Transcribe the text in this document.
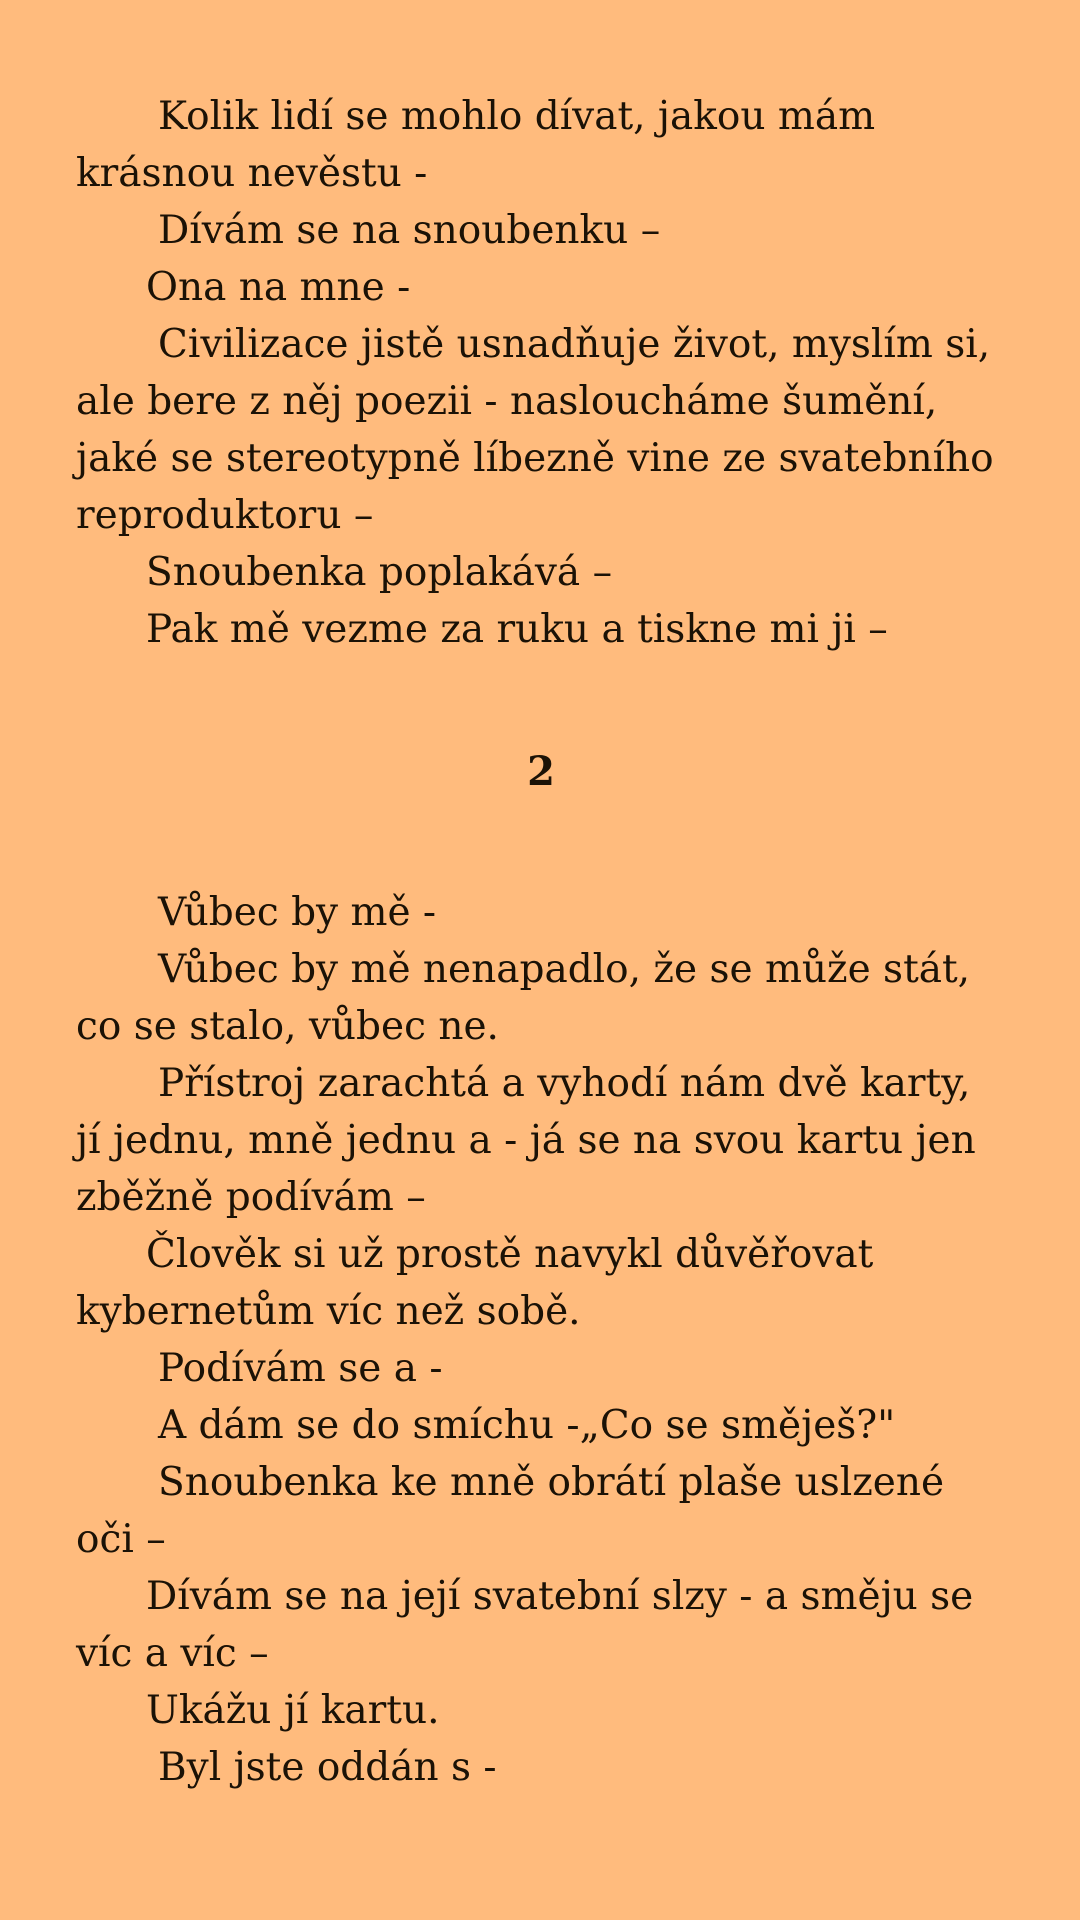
Kolik lidí se mohlo dívat, jakou mám krásnou nevěstu -

Dívám se na snoubenku –

Ona na mne -

Civilizace jistě usnadňuje život, myslím si, ale bere z něj poezii - nasloucháme šumění, jaké se stereotypně líbezně vine ze svatebního reproduktoru –

Snoubenka poplakává –

Pak mě vezme za ruku a tiskne mi ji –

2

Vůbec by mě -

Vůbec by mě nenapadlo, že se může stát, co se stalo, vůbec ne.

Přístroj zarachtá a vyhodí nám dvě karty, jí jednu, mně jednu a - já se na svou kartu jen zběžně podívám –

Člověk si už prostě navykl důvěřovat kybernetům víc než sobě.

Podívám se a -

A dám se do smíchu -„Co se směješ?"

Snoubenka ke mně obrátí plaše uslzené oči –

Dívám se na její svatební slzy - a směju se víc a víc –

Ukážu jí kartu.

Byl jste oddán s -
